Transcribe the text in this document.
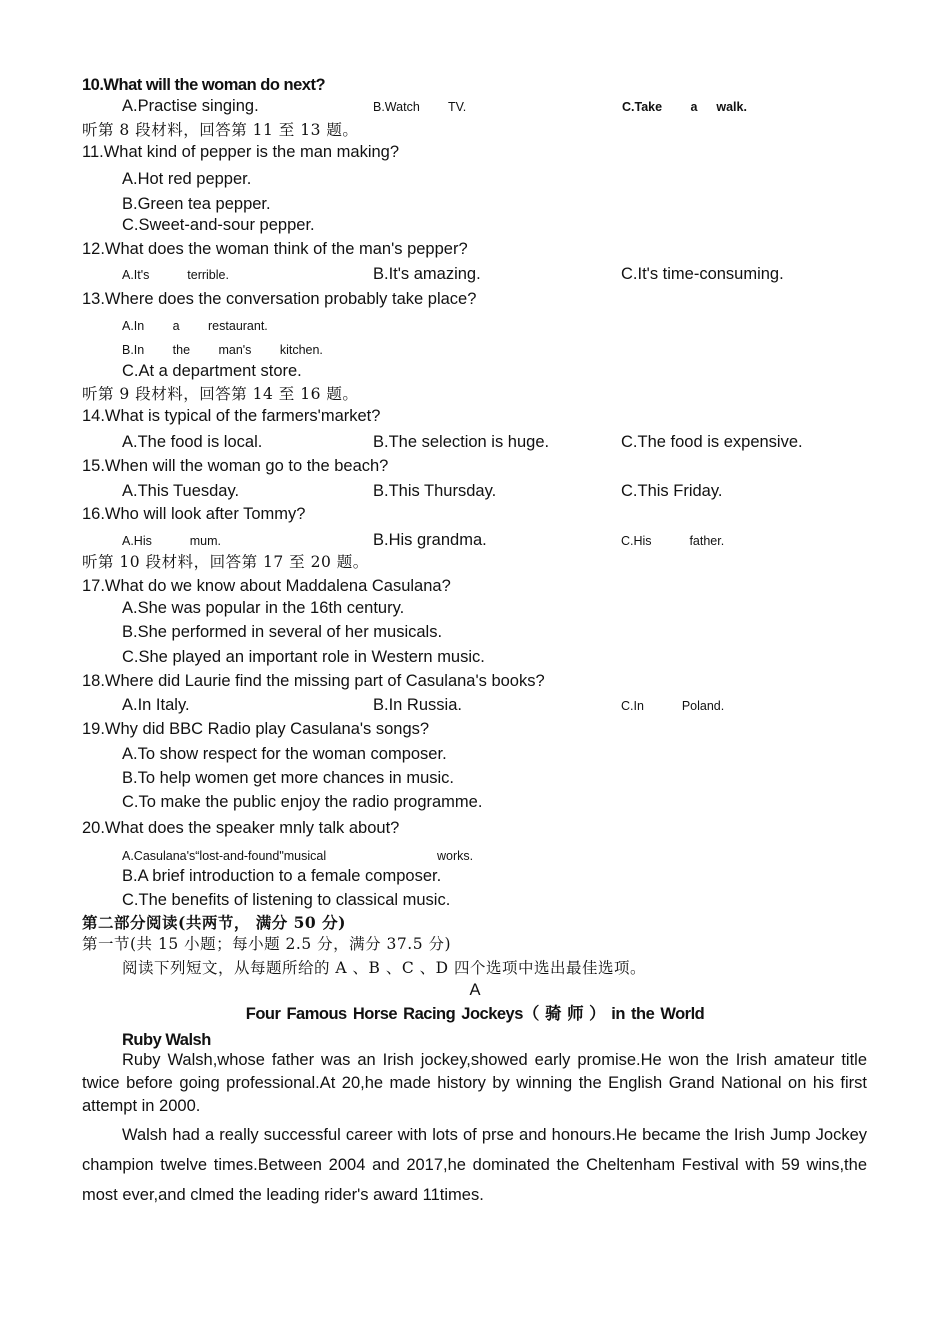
10.What will the woman do next?
A.Practise singing.	B.Watch   TV.	C.Take   a  walk.
听第 8 段材料，回答第 11 至 13 题。
11.What kind of pepper is the man making?
A.Hot red pepper.
B.Green tea pepper.
C.Sweet-and-sour pepper.
12.What does the woman think of the man's pepper?
A.It's    terrible.	B.It's amazing.	C.It's time-consuming.
13.Where does the conversation probably take place?
A.In   a   restaurant.
B.In   the   man's   kitchen.
C.At a department store.
听第 9 段材料，回答第 14 至 16 题。
14.What is typical of the farmers'market?
A.The food is local.	B.The selection is huge.	C.The food is expensive.
15.When will the woman go to the beach?
A.This Tuesday.	B.This Thursday.	C.This Friday.
16.Who will look after Tommy?
A.His    mum.	B.His grandma.	C.His    father.
听第 10 段材料，回答第 17 至 20 题。
17.What do we know about Maddalena Casulana?
A.She was popular in the 16th century.
B.She performed in several of her musicals.
C.She played an important role in Western music.
18.Where did Laurie find the missing part of Casulana's books?
A.In Italy.	B.In Russia.	C.In    Poland.
19.Why did BBC Radio play Casulana's songs?
A.To show respect for the woman composer.
B.To help women get more chances in music.
C.To make the public enjoy the radio programme.
20.What does the speaker mnly talk about?
A.Casulana's“lost-and-found"musical	works.
B.A brief introduction to a female composer.
C.The benefits of listening to classical music.
第二部分阅读(共两节， 满分 50 分)
第一节(共 15 小题；每小题 2.5 分，满分 37.5 分)
阅读下列短文，从每题所给的 A 、B 、C 、D 四个选项中选出最佳选项。
A
Four Famous Horse Racing Jockeys（ 骑 师 ） in the World
Ruby Walsh
Ruby Walsh,whose father was an Irish jockey,showed early promise.He won the Irish amateur title twice before going professional.At 20,he made history by winning the English Grand National on his first attempt in 2000.
Walsh had a really successful career with lots of prse and honours.He became the Irish Jump Jockey champion twelve times.Between 2004 and 2017,he dominated the Cheltenham Festival with 59 wins,the most ever,and clmed the leading rider's award 11times.
